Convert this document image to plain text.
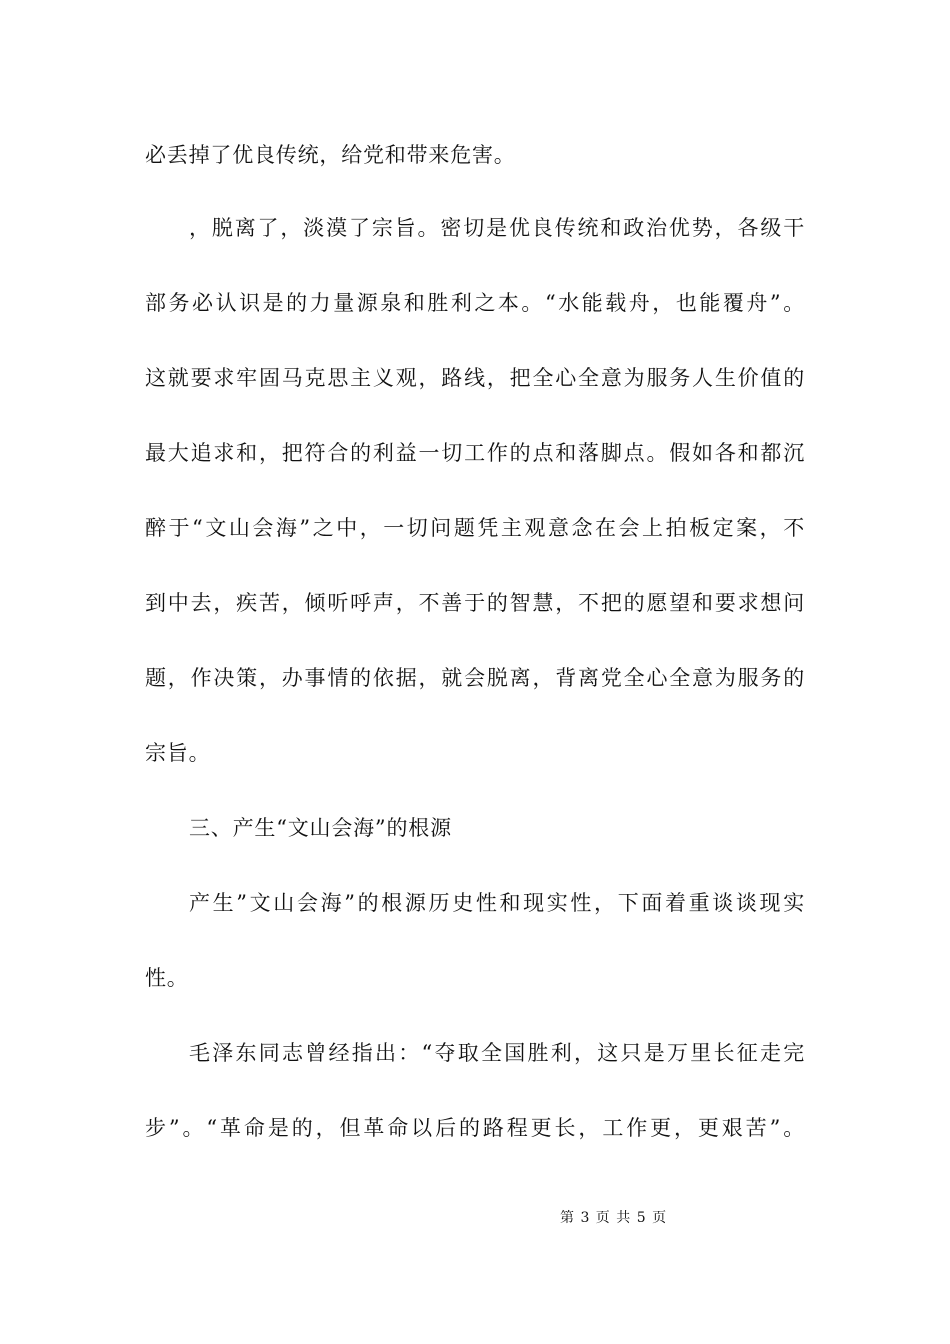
必丢掉了优良传统，给党和带来危害。
，脱离了，淡漠了宗旨。密切是优良传统和政治优势，各级干
部务必认识是的力量源泉和胜利之本。“水能载舟，也能覆舟”。
这就要求牢固马克思主义观，路线，把全心全意为服务人生价值的
最大追求和，把符合的利益一切工作的点和落脚点。假如各和都沉
醉于“文山会海”之中，一切问题凭主观意念在会上拍板定案，不
到中去，疾苦，倾听呼声，不善于的智慧，不把的愿望和要求想问
题，作决策，办事情的依据，就会脱离，背离党全心全意为服务的
宗旨。
三、产生“文山会海”的根源
产生”文山会海”的根源历史性和现实性，下面着重谈谈现实
性。
毛泽东同志曾经指出：“夺取全国胜利，这只是万里长征走完
步”。“革命是的，但革命以后的路程更长，工作更，更艰苦”。
第 3 页 共 5 页
